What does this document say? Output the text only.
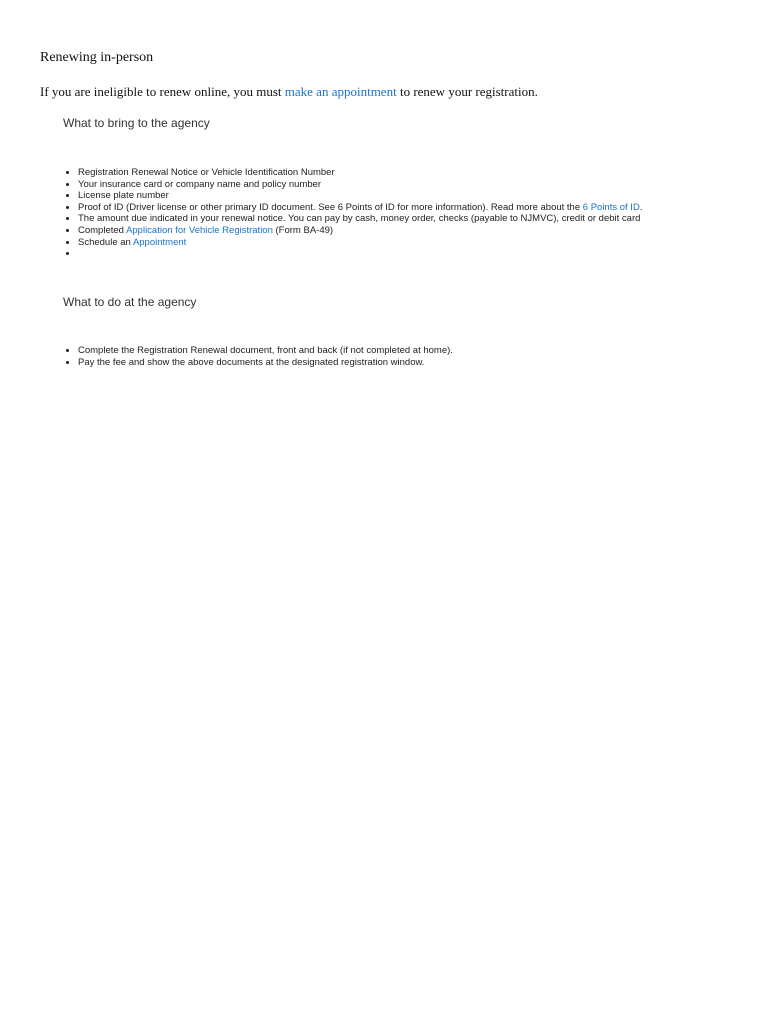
Renewing in-person

If you are ineligible to renew online, you must make an appointment to renew your registration.

What to bring to the agency
• Registration Renewal Notice or Vehicle Identification Number
• Your insurance card or company name and policy number
• License plate number
• Proof of ID (Driver license or other primary ID document. See 6 Points of ID for more information). Read more about the 6 Points of ID.
• The amount due indicated in your renewal notice. You can pay by cash, money order, checks (payable to NJMVC), credit or debit card
• Completed Application for Vehicle Registration (Form BA-49)
• Schedule an Appointment
•
What to do at the agency
• Complete the Registration Renewal document, front and back (if not completed at home).
• Pay the fee and show the above documents at the designated registration window.
